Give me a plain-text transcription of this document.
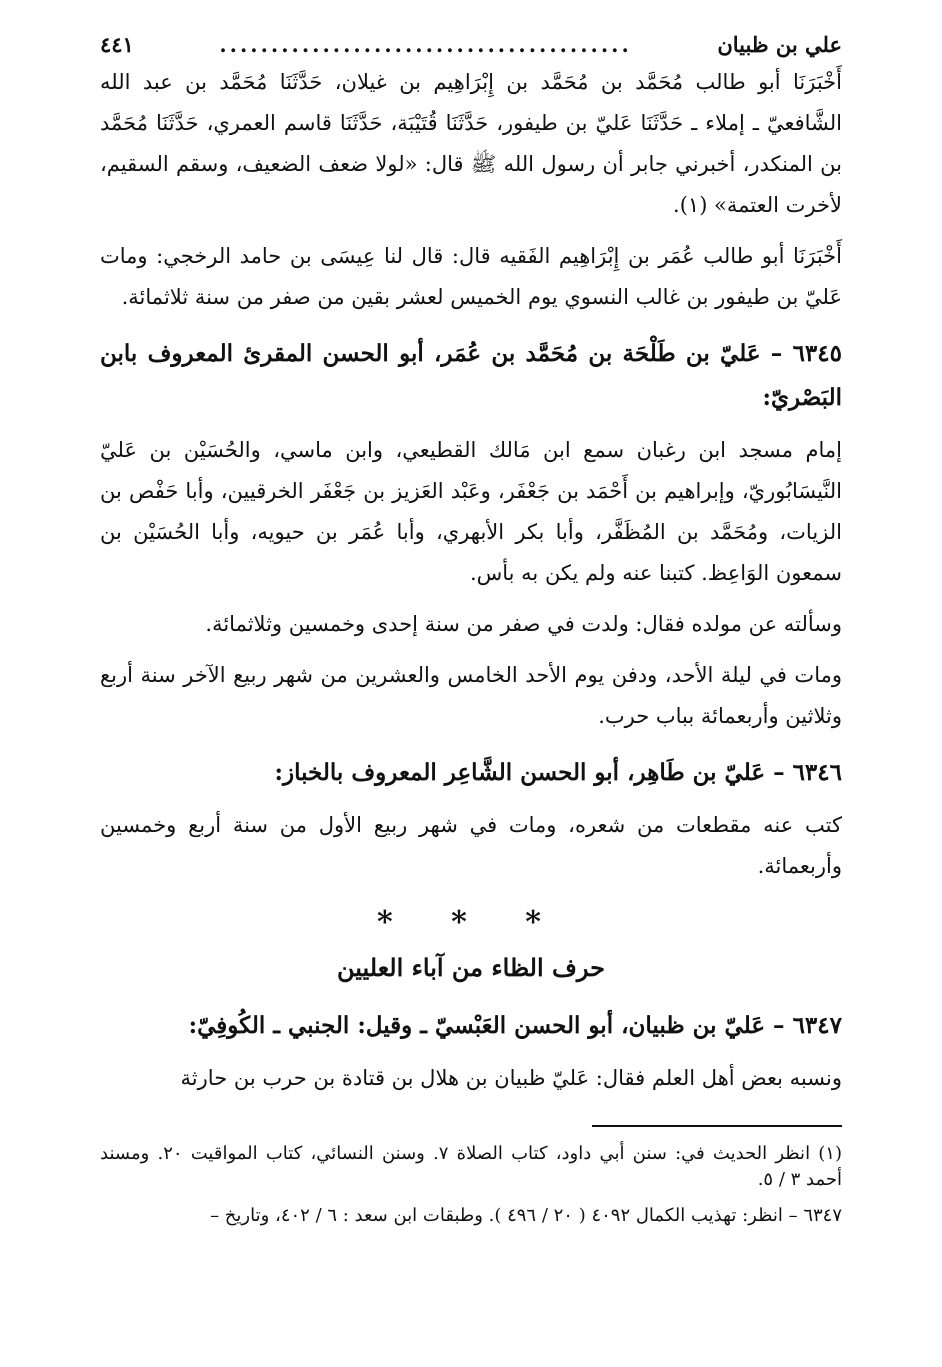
علي بن ظبيان
.....
٤٤١

أَخْبَرَنَا أبو طالب مُحَمَّد بن مُحَمَّد بن إِبْرَاهِيم بن غيلان، حَدَّثَنَا مُحَمَّد بن عبد الله الشَّافعيّ ـ إملاء ـ حَدَّثَنَا عَليّ بن طيفور، حَدَّثَنَا قُتَيْبَة، حَدَّثَنَا قاسم العمري، حَدَّثَنَا مُحَمَّد بن المنكدر، أخبرني جابر أن رسول الله ﷺ قال: «لولا ضعف الضعيف، وسقم السقيم، لأخرت العتمة» (١).

أَخْبَرَنَا أبو طالب عُمَر بن إِبْرَاهِيم الفَقيه قال: قال لنا عِيسَى بن حامد الرخجي: ومات عَليّ بن طيفور بن غالب النسوي يوم الخميس لعشر بقين من صفر من سنة ثلاثمائة.

٦٣٤٥ – عَليّ بن طَلْحَة بن مُحَمَّد بن عُمَر، أبو الحسن المقرئ المعروف بابن البَصْريّ:

إمام مسجد ابن رغبان سمع ابن مَالك القطيعي، وابن ماسي، والحُسَيْن بن عَليّ النَّيسَابُوريّ، وإبراهيم بن أَحْمَد بن جَعْفَر، وعَبْد العَزيز بن جَعْفَر الخرقيين، وأبا حَفْص بن الزيات، ومُحَمَّد بن المُظَفَّر، وأبا بكر الأبهري، وأبا عُمَر بن حيويه، وأبا الحُسَيْن بن سمعون الوَاعِظ. كتبنا عنه ولم يكن به بأس.

وسألته عن مولده فقال: ولدت في صفر من سنة إحدى وخمسين وثلاثمائة.

ومات في ليلة الأحد، ودفن يوم الأحد الخامس والعشرين من شهر ربيع الآخر سنة أربع وثلاثين وأربعمائة بباب حرب.

٦٣٤٦ – عَليّ بن طَاهِر، أبو الحسن الشَّاعِر المعروف بالخباز:

كتب عنه مقطعات من شعره، ومات في شهر ربيع الأول من سنة أربع وخمسين وأربعمائة.

* * *
حرف الظاء من آباء العليين
٦٣٤٧ – عَليّ بن ظبيان، أبو الحسن العَبْسيّ ـ وقيل: الجنبي ـ الكُوفِيّ:

ونسبه بعض أهل العلم فقال: عَليّ ظبيان بن هلال بن قتادة بن حرب بن حارثة

(١) انظر الحديث في: سنن أبي داود، كتاب الصلاة ٧. وسنن النسائي، كتاب المواقيت ٢٠. ومسند أحمد ٣ / ٥.

٦٣٤٧ – انظر: تهذيب الكمال ٤٠٩٢ ( ٢٠ / ٤٩٦ ). وطبقات ابن سعد : ٦ / ٤٠٢، وتاريخ –
